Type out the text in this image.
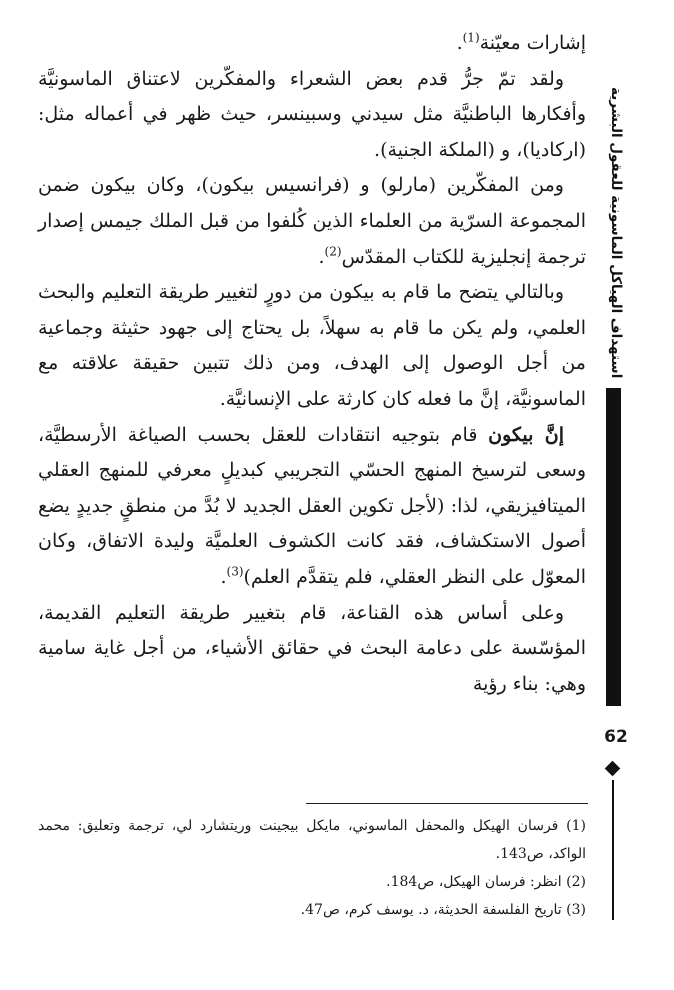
إشارات معيّنة$^{(1)}$.

ولقد تمّ جرُّ قدم بعض الشعراء والمفكّرين لاعتناق الماسونيَّة وأفكارها الباطنيَّة مثل سيدني وسبينسر، حيث ظهر في أعماله مثل: (اركاديا)، و (الملكة الجنية).

ومن المفكّرين (مارلو) و (فرانسيس بيكون)، وكان بيكون ضمن المجموعة السرّية من العلماء الذين كُلفوا من قبل الملك جيمس إصدار ترجمة إنجليزية للكتاب المقدّس$^{(2)}$.

وبالتالي يتضح ما قام به بيكون من دورٍ لتغيير طريقة التعليم والبحث العلمي، ولم يكن ما قام به سهلاً، بل يحتاج إلى جهود حثيثة وجماعية من أجل الوصول إلى الهدف، ومن ذلك تتبين حقيقة علاقته مع الماسونيَّة، إنَّ ما فعله كان كارثة على الإنسانيَّة.

إنَّ بيكون قام بتوجيه انتقادات للعقل بحسب الصياغة الأرسطيَّة، وسعى لترسيخ المنهج الحسّي التجريبي كبديلٍ معرفي للمنهج العقلي الميتافيزيقي، لذا: (لأجل تكوين العقل الجديد لا بُدَّ من منطقٍ جديدٍ يضع أصول الاستكشاف، فقد كانت الكشوف العلميَّة وليدة الاتفاق، وكان المعوّل على النظر العقلي، فلم يتقدَّم العلم)$^{(3)}$.

وعلى أساس هذه القناعة، قام بتغيير طريقة التعليم القديمة، المؤسّسة على دعامة البحث في حقائق الأشياء، من أجل غاية سامية وهي: بناء رؤية

استهداف الهياكل الماسونية للعقول البشرية
62

(1) فرسان الهيكل والمحفل الماسوني، مايكل بيجينت وريتشارد لي، ترجمة وتعليق: محمد الواكد، ص143.

(2) انظر: فرسان الهيكل، ص184.

(3) تاريخ الفلسفة الحديثة، د. يوسف كرم، ص47.
